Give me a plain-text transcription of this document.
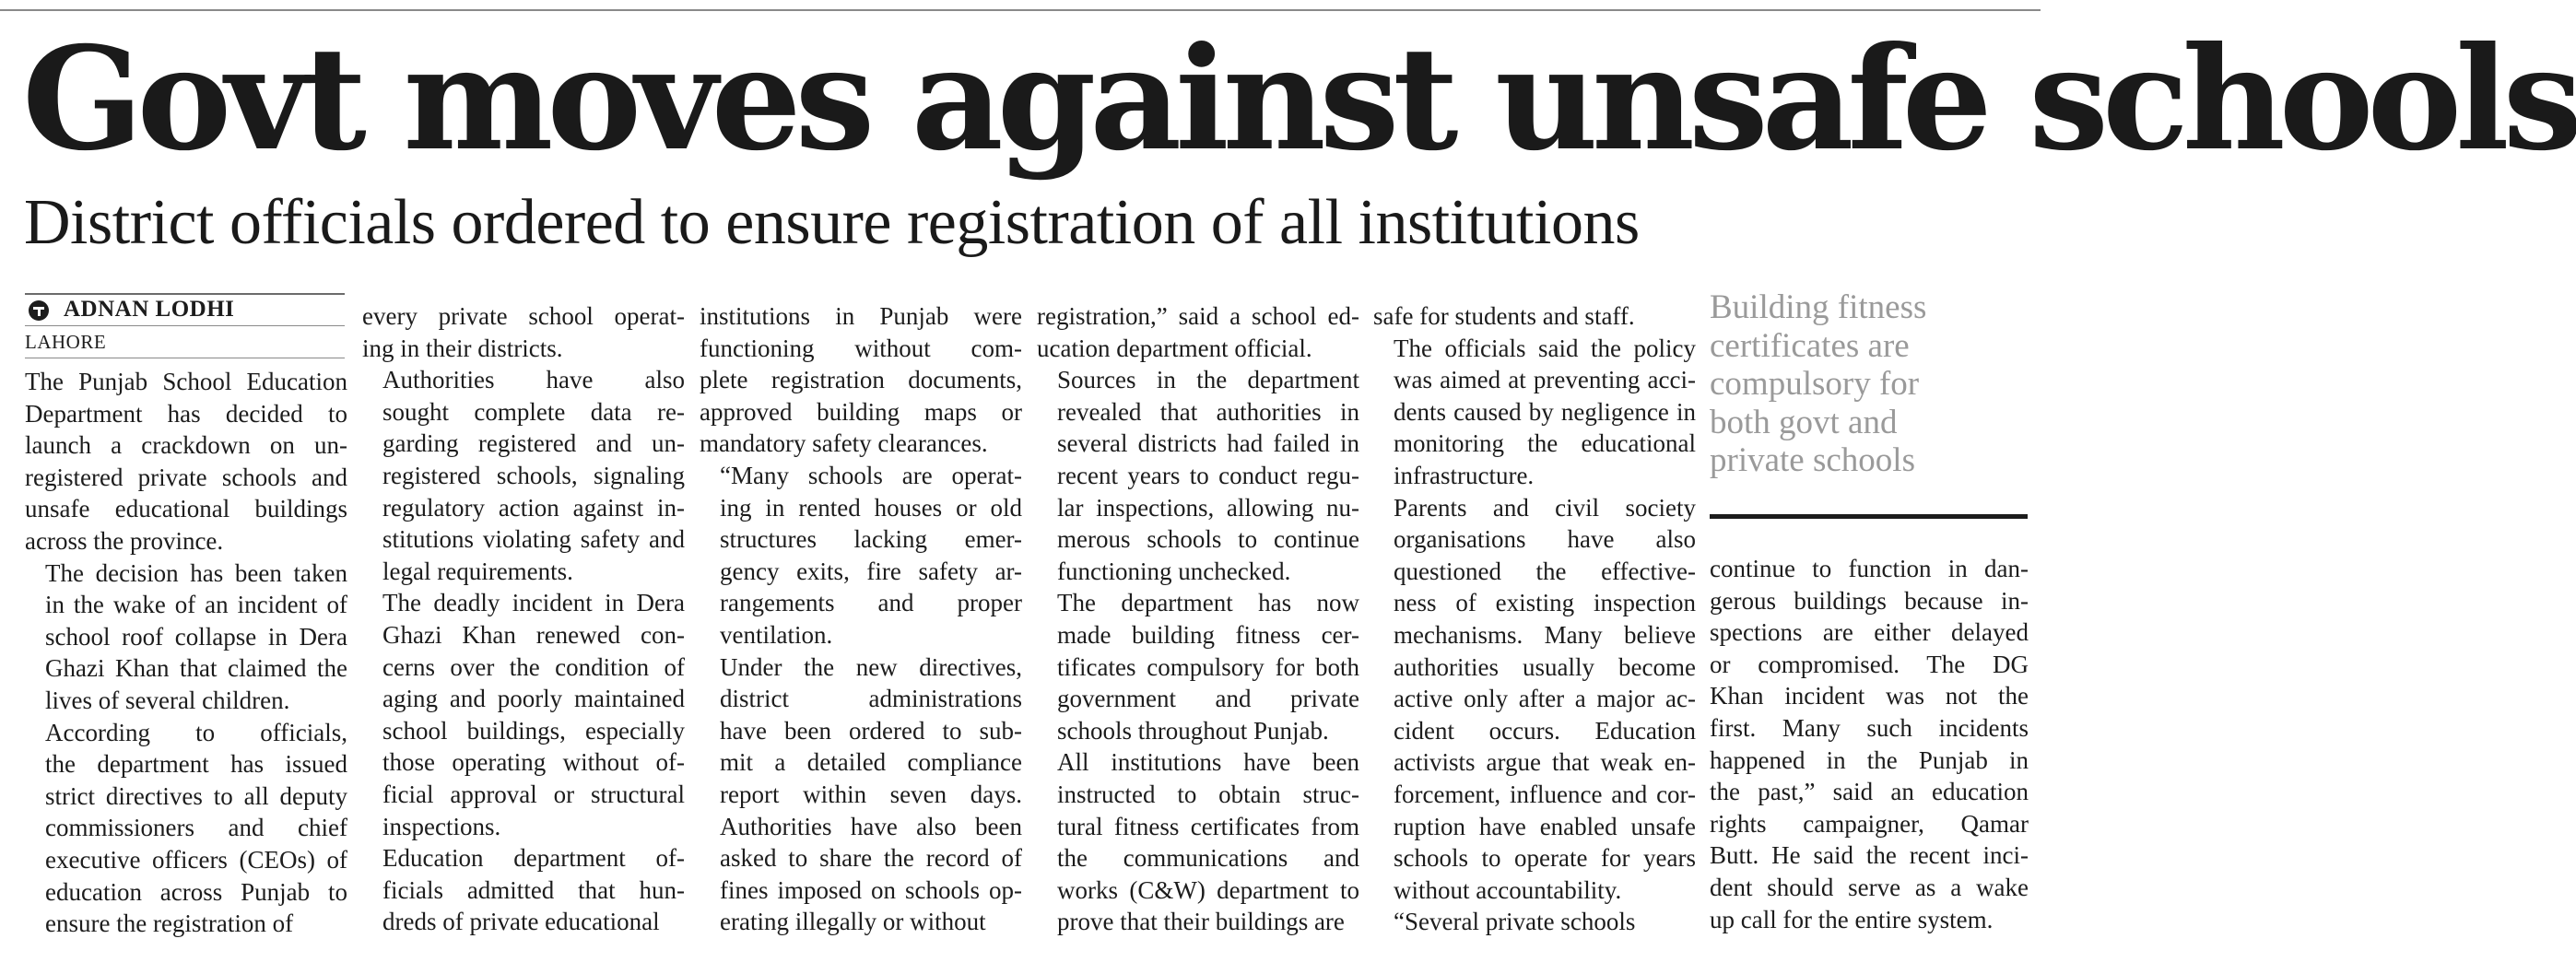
Govt moves against unsafe schools
District officials ordered to ensure registration of all institutions
ADNAN LODHI
LAHORE

The Punjab School Education
Department has decided to
launch a crackdown on un-
registered private schools and
unsafe educational buildings
across the province.

The decision has been taken
in the wake of an incident of
school roof collapse in Dera
Ghazi Khan that claimed the
lives of several children.

According to officials,
the department has issued
strict directives to all deputy
commissioners and chief
executive officers (CEOs) of
education across Punjab to
ensure the registration of

every private school operat-
ing in their districts.

Authorities have also
sought complete data re-
garding registered and un-
registered schools, signaling
regulatory action against in-
stitutions violating safety and
legal requirements.

The deadly incident in Dera
Ghazi Khan renewed con-
cerns over the condition of
aging and poorly maintained
school buildings, especially
those operating without of-
ficial approval or structural
inspections.

Education department of-
ficials admitted that hun-
dreds of private educational

institutions in Punjab were
functioning without com-
plete registration documents,
approved building maps or
mandatory safety clearances.

“Many schools are operat-
ing in rented houses or old
structures lacking emer-
gency exits, fire safety ar-
rangements and proper
ventilation.

Under the new directives,
district administrations
have been ordered to sub-
mit a detailed compliance
report within seven days.
Authorities have also been
asked to share the record of
fines imposed on schools op-
erating illegally or without

registration,” said a school ed-
ucation department official.

Sources in the department
revealed that authorities in
several districts had failed in
recent years to conduct regu-
lar inspections, allowing nu-
merous schools to continue
functioning unchecked.

The department has now
made building fitness cer-
tificates compulsory for both
government and private
schools throughout Punjab.

All institutions have been
instructed to obtain struc-
tural fitness certificates from
the communications and
works (C&W) department to
prove that their buildings are

safe for students and staff.

The officials said the policy
was aimed at preventing acci-
dents caused by negligence in
monitoring the educational
infrastructure.

Parents and civil society
organisations have also
questioned the effective-
ness of existing inspection
mechanisms. Many believe
authorities usually become
active only after a major ac-
cident occurs. Education
activists argue that weak en-
forcement, influence and cor-
ruption have enabled unsafe
schools to operate for years
without accountability.

“Several private schools

Building fitness
certificates are
compulsory for
both govt and
private schools

continue to function in dan-
gerous buildings because in-
spections are either delayed
or compromised. The DG
Khan incident was not the
first. Many such incidents
happened in the Punjab in
the past,” said an education
rights campaigner, Qamar
Butt. He said the recent inci-
dent should serve as a wake
up call for the entire system.
